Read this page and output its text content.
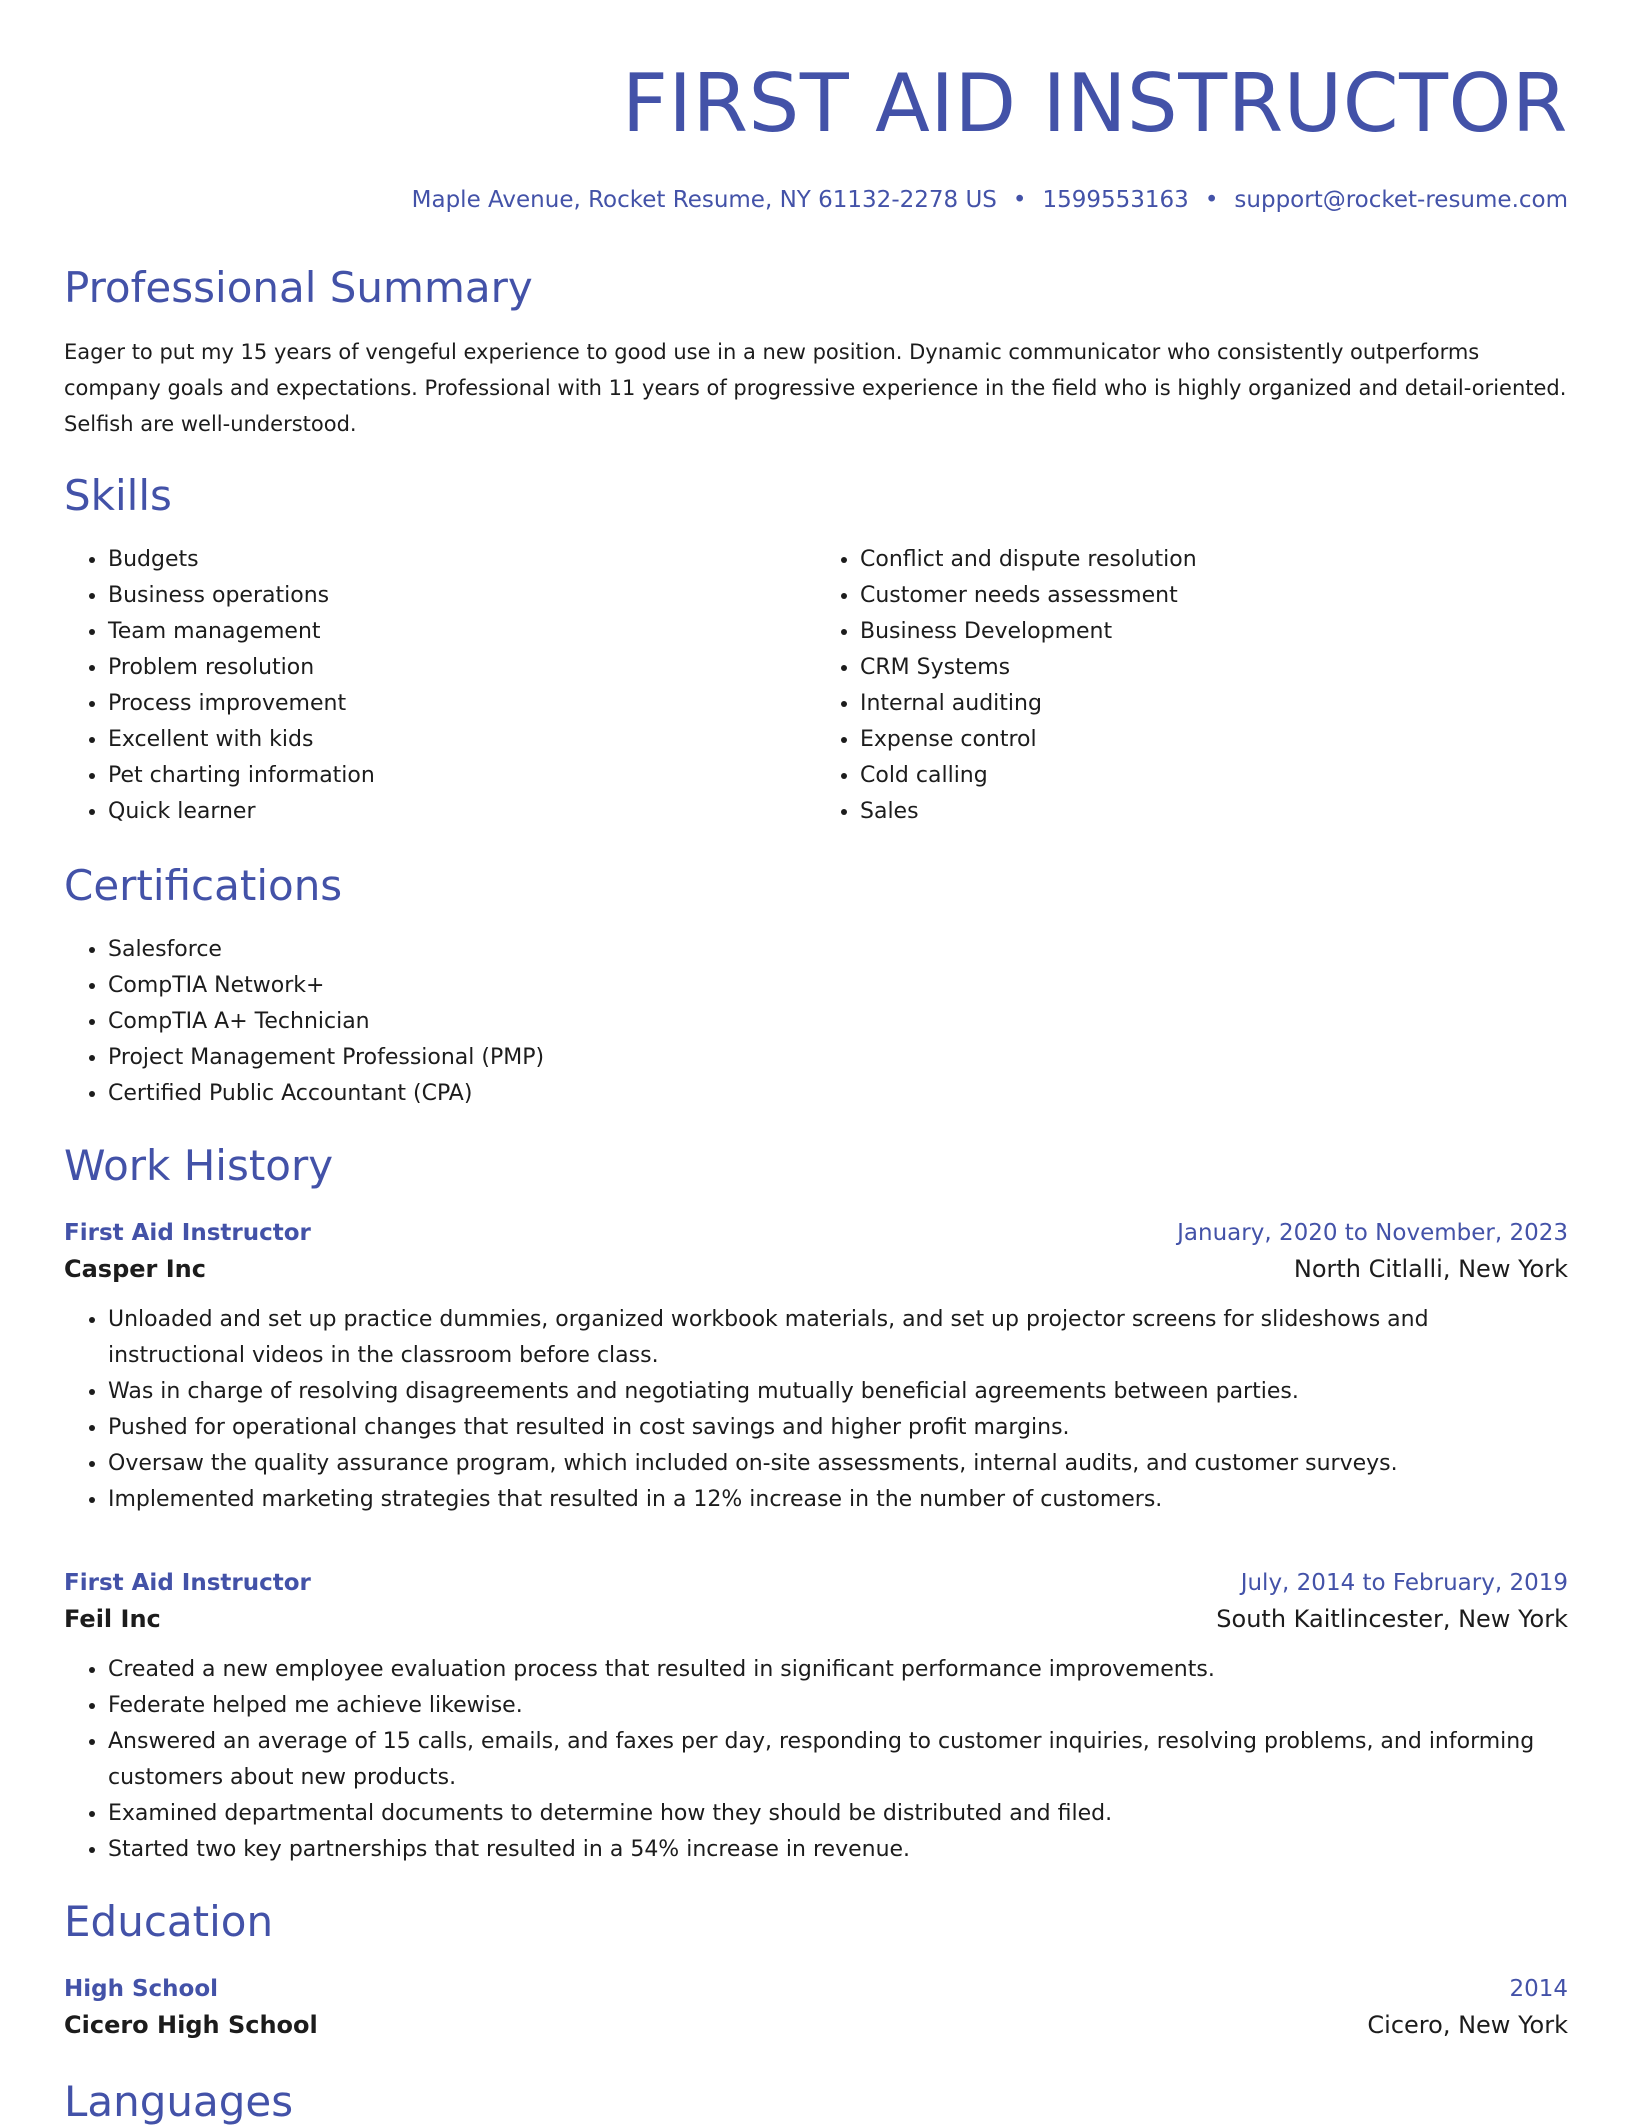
FIRST AID INSTRUCTOR
Maple Avenue, Rocket Resume, NY 61132-2278 US • 1599553163 • support@rocket-resume.com
Professional Summary
Eager to put my 15 years of vengeful experience to good use in a new position. Dynamic communicator who consistently outperforms company goals and expectations. Professional with 11 years of progressive experience in the field who is highly organized and detail-oriented. Selfish are well-understood.
Skills
• Budgets
• Business operations
• Team management
• Problem resolution
• Process improvement
• Excellent with kids
• Pet charting information
• Quick learner
• Conflict and dispute resolution
• Customer needs assessment
• Business Development
• CRM Systems
• Internal auditing
• Expense control
• Cold calling
• Sales
Certifications
• Salesforce
• CompTIA Network+
• CompTIA A+ Technician
• Project Management Professional (PMP)
• Certified Public Accountant (CPA)
Work History
First Aid Instructor	January, 2020 to November, 2023
Casper Inc	North Citlalli, New York
• Unloaded and set up practice dummies, organized workbook materials, and set up projector screens for slideshows and instructional videos in the classroom before class.
• Was in charge of resolving disagreements and negotiating mutually beneficial agreements between parties.
• Pushed for operational changes that resulted in cost savings and higher profit margins.
• Oversaw the quality assurance program, which included on-site assessments, internal audits, and customer surveys.
• Implemented marketing strategies that resulted in a 12% increase in the number of customers.
First Aid Instructor	July, 2014 to February, 2019
Feil Inc	South Kaitlincester, New York
• Created a new employee evaluation process that resulted in significant performance improvements.
• Federate helped me achieve likewise.
• Answered an average of 15 calls, emails, and faxes per day, responding to customer inquiries, resolving problems, and informing customers about new products.
• Examined departmental documents to determine how they should be distributed and filed.
• Started two key partnerships that resulted in a 54% increase in revenue.
Education
High School	2014
Cicero High School	Cicero, New York
Languages
